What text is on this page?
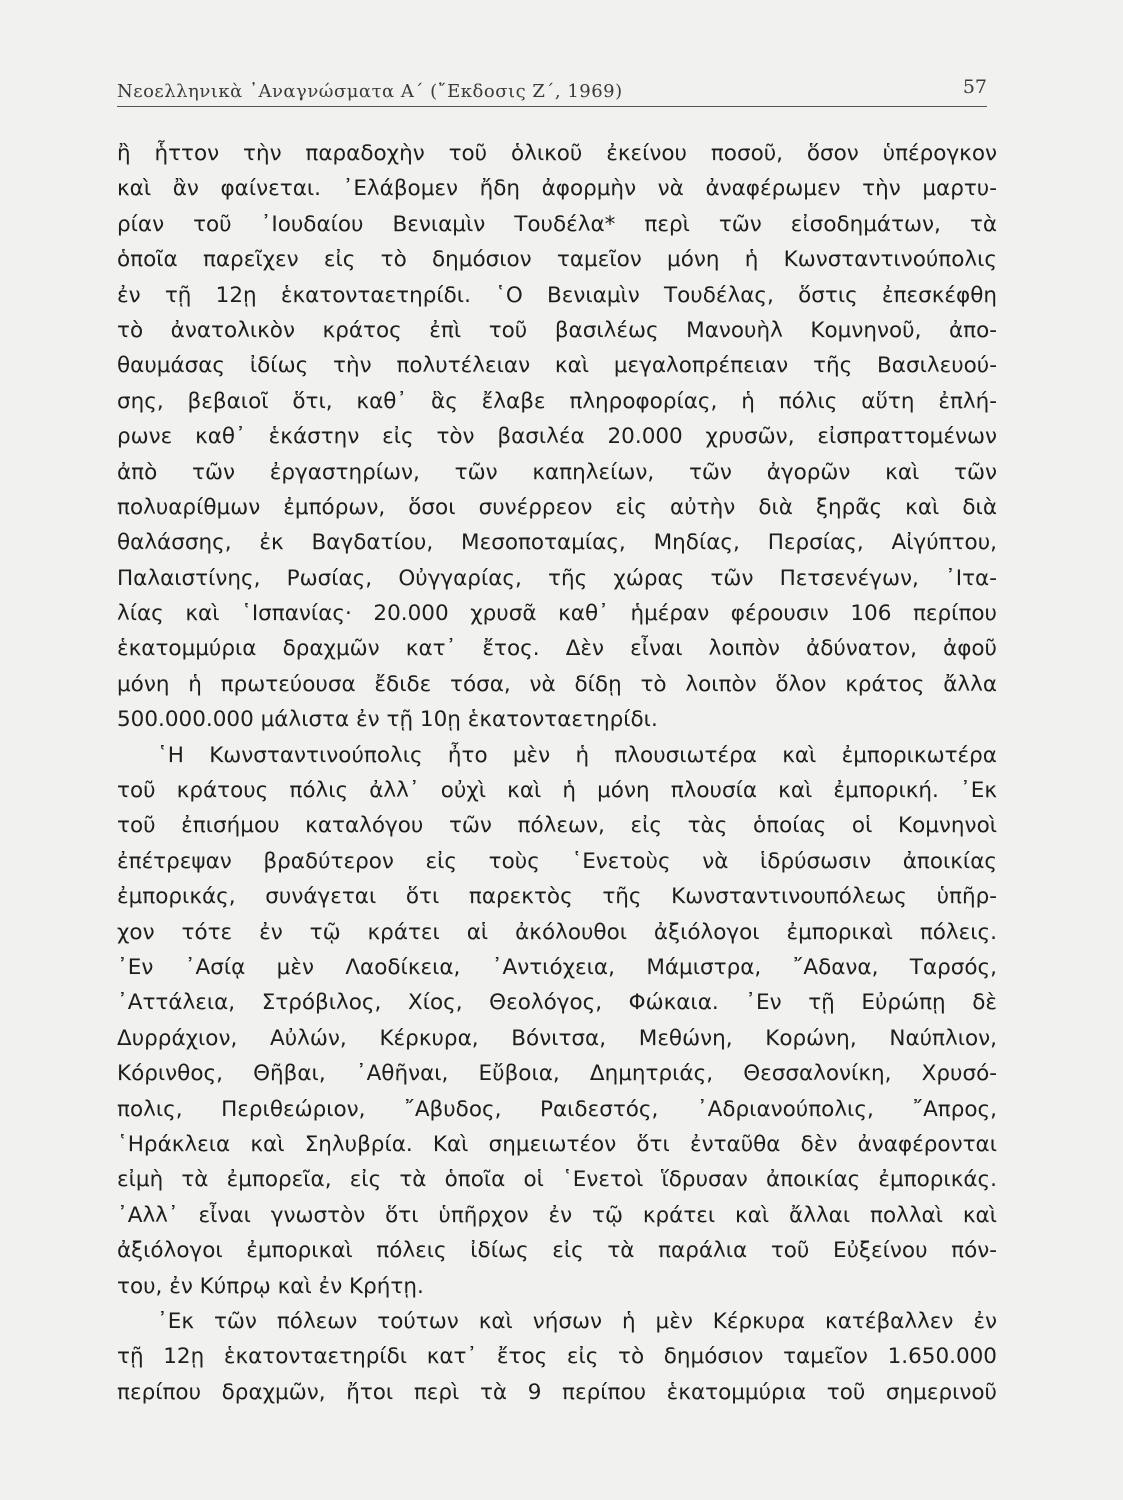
Νεοελληνικὰ ᾿Αναγνώσματα Α΄ (῎Εκδοσις Ζ΄, 1969)	57
ἢ ἧττον τὴν παραδοχὴν τοῦ ὁλικοῦ ἐκείνου ποσοῦ, ὅσον ὑπέρογκον
καὶ ἂν φαίνεται. ᾿Ελάβομεν ἤδη ἀφορμὴν νὰ ἀναφέρωμεν τὴν μαρτυ-
ρίαν τοῦ ᾿Ιουδαίου Βενιαμὶν Τουδέλα* περὶ τῶν εἰσοδημάτων, τὰ
ὁποῖα παρεῖχεν εἰς τὸ δημόσιον ταμεῖον μόνη ἡ Κωνσταντινούπολις
ἐν τῇ 12ῃ ἑκατονταετηρίδι. ῾Ο Βενιαμὶν Τουδέλας, ὅστις ἐπεσκέφθη
τὸ ἀνατολικὸν κράτος ἐπὶ τοῦ βασιλέως Μανουὴλ Κομνηνοῦ, ἀπο-
θαυμάσας ἰδίως τὴν πολυτέλειαν καὶ μεγαλοπρέπειαν τῆς Βασιλευού-
σης, βεβαιοῖ ὅτι, καθ᾿ ἃς ἔλαβε πληροφορίας, ἡ πόλις αὕτη ἐπλή-
ρωνε καθ᾿ ἑκάστην εἰς τὸν βασιλέα 20.000 χρυσῶν, εἰσπραττομένων
ἀπὸ τῶν ἐργαστηρίων, τῶν καπηλείων, τῶν ἀγορῶν καὶ τῶν
πολυαρίθμων ἐμπόρων, ὅσοι συνέρρεον εἰς αὐτὴν διὰ ξηρᾶς καὶ διὰ
θαλάσσης, ἐκ Βαγδατίου, Μεσοποταμίας, Μηδίας, Περσίας, Αἰγύπτου,
Παλαιστίνης, Ρωσίας, Οὐγγαρίας, τῆς χώρας τῶν Πετσενέγων, ᾿Ιτα-
λίας καὶ ῾Ισπανίας· 20.000 χρυσᾶ καθ᾿ ἡμέραν φέρουσιν 106 περίπου
ἑκατομμύρια δραχμῶν κατ᾿ ἔτος. Δὲν εἶναι λοιπὸν ἀδύνατον, ἀφοῦ
μόνη ἡ πρωτεύουσα ἔδιδε τόσα, νὰ δίδῃ τὸ λοιπὸν ὅλον κράτος ἄλλα
500.000.000 μάλιστα ἐν τῇ 10ῃ ἑκατονταετηρίδι.
῾Η Κωνσταντινούπολις ἦτο μὲν ἡ πλουσιωτέρα καὶ ἐμπορικωτέρα
τοῦ κράτους πόλις ἀλλ᾿ οὐχὶ καὶ ἡ μόνη πλουσία καὶ ἐμπορική. ᾿Εκ
τοῦ ἐπισήμου καταλόγου τῶν πόλεων, εἰς τὰς ὁποίας οἱ Κομνηνοὶ
ἐπέτρεψαν βραδύτερον εἰς τοὺς ῾Ενετοὺς νὰ ἱδρύσωσιν ἀποικίας
ἐμπορικάς, συνάγεται ὅτι παρεκτὸς τῆς Κωνσταντινουπόλεως ὑπῆρ-
χον τότε ἐν τῷ κράτει αἱ ἀκόλουθοι ἀξιόλογοι ἐμπορικαὶ πόλεις.
᾿Εν ᾿Ασίᾳ μὲν Λαοδίκεια, ᾿Αντιόχεια, Μάμιστρα, ῎Αδανα, Ταρσός,
᾿Αττάλεια, Στρόβιλος, Χίος, Θεολόγος, Φώκαια. ᾿Εν τῇ Εὐρώπῃ δὲ
Δυρράχιον, Αὐλών, Κέρκυρα, Βόνιτσα, Μεθώνη, Κορώνη, Ναύπλιον,
Κόρινθος, Θῆβαι, ᾿Αθῆναι, Εὔβοια, Δημητριάς, Θεσσαλονίκη, Χρυσό-
πολις, Περιθεώριον, ῎Αβυδος, Ραιδεστός, ᾿Αδριανούπολις, ῎Απρος,
῾Ηράκλεια καὶ Σηλυβρία. Καὶ σημειωτέον ὅτι ἐνταῦθα δὲν ἀναφέρονται
εἰμὴ τὰ ἐμπορεῖα, εἰς τὰ ὁποῖα οἱ ῾Ενετοὶ ἵδρυσαν ἀποικίας ἐμπορικάς.
᾿Αλλ᾿ εἶναι γνωστὸν ὅτι ὑπῆρχον ἐν τῷ κράτει καὶ ἄλλαι πολλαὶ καὶ
ἀξιόλογοι ἐμπορικαὶ πόλεις ἰδίως εἰς τὰ παράλια τοῦ Εὐξείνου πόν-
του, ἐν Κύπρῳ καὶ ἐν Κρήτῃ.
᾿Εκ τῶν πόλεων τούτων καὶ νήσων ἡ μὲν Κέρκυρα κατέβαλλεν ἐν
τῇ 12ῃ ἑκατονταετηρίδι κατ᾿ ἔτος εἰς τὸ δημόσιον ταμεῖον 1.650.000
περίπου δραχμῶν, ἤτοι περὶ τὰ 9 περίπου ἑκατομμύρια τοῦ σημερινοῦ
